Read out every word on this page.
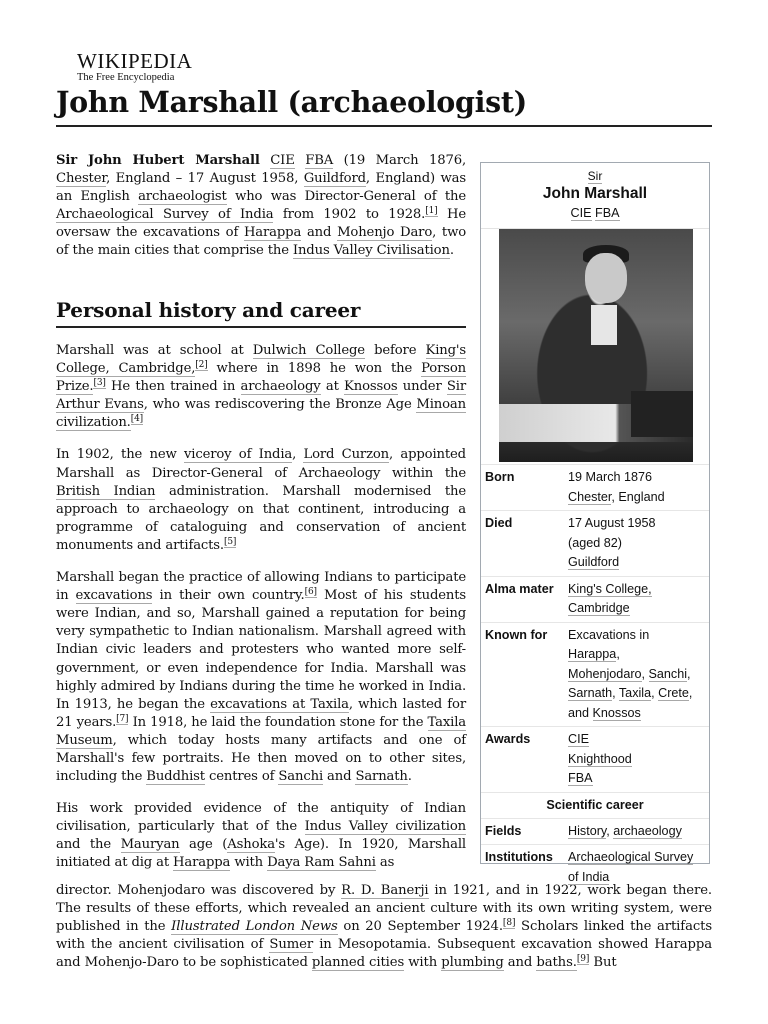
WIKIPEDIA
The Free Encyclopedia
John Marshall (archaeologist)

Sir John Hubert Marshall CIE FBA (19 March 1876, Chester, England – 17 August 1958, Guildford, England) was an English archaeologist who was Director-General of the Archaeological Survey of India from 1902 to 1928.[1] He oversaw the excavations of Harappa and Mohenjo Daro, two of the main cities that comprise the Indus Valley Civilisation.

Personal history and career

Marshall was at school at Dulwich College before King's College, Cambridge,[2] where in 1898 he won the Porson Prize.[3] He then trained in archaeology at Knossos under Sir Arthur Evans, who was rediscovering the Bronze Age Minoan civilization.[4]

In 1902, the new viceroy of India, Lord Curzon, appointed Marshall as Director-General of Archaeology within the British Indian administration. Marshall modernised the approach to archaeology on that continent, introducing a programme of cataloguing and conservation of ancient monuments and artifacts.[5]

Marshall began the practice of allowing Indians to participate in excavations in their own country.[6] Most of his students were Indian, and so, Marshall gained a reputation for being very sympathetic to Indian nationalism. Marshall agreed with Indian civic leaders and protesters who wanted more self-government, or even independence for India. Marshall was highly admired by Indians during the time he worked in India. In 1913, he began the excavations at Taxila, which lasted for 21 years.[7] In 1918, he laid the foundation stone for the Taxila Museum, which today hosts many artifacts and one of Marshall's few portraits. He then moved on to other sites, including the Buddhist centres of Sanchi and Sarnath.

His work provided evidence of the antiquity of Indian civilisation, particularly that of the Indus Valley civilization and the Mauryan age (Ashoka's Age). In 1920, Marshall initiated at dig at Harappa with Daya Ram Sahni as

director. Mohenjodaro was discovered by R. D. Banerji in 1921, and in 1922, work began there. The results of these efforts, which revealed an ancient culture with its own writing system, were published in the Illustrated London News on 20 September 1924.[8] Scholars linked the artifacts with the ancient civilisation of Sumer in Mesopotamia. Subsequent excavation showed Harappa and Mohenjo-Daro to be sophisticated planned cities with plumbing and baths.[9] But

Sir
John Marshall
CIE FBA
Born	19 March 1876
Chester, England

Died	17 August 1958
(aged 82)
Guildford

Alma mater	King's College,
Cambridge
Known for	Excavations in
Harappa,
Mohenjodaro, Sanchi,
Sarnath, Taxila, Crete,
and Knossos

Awards	CIE
Knighthood
FBA

Scientific career	
Fields	History, archaeology
Institutions	Archaeological Survey
of India
